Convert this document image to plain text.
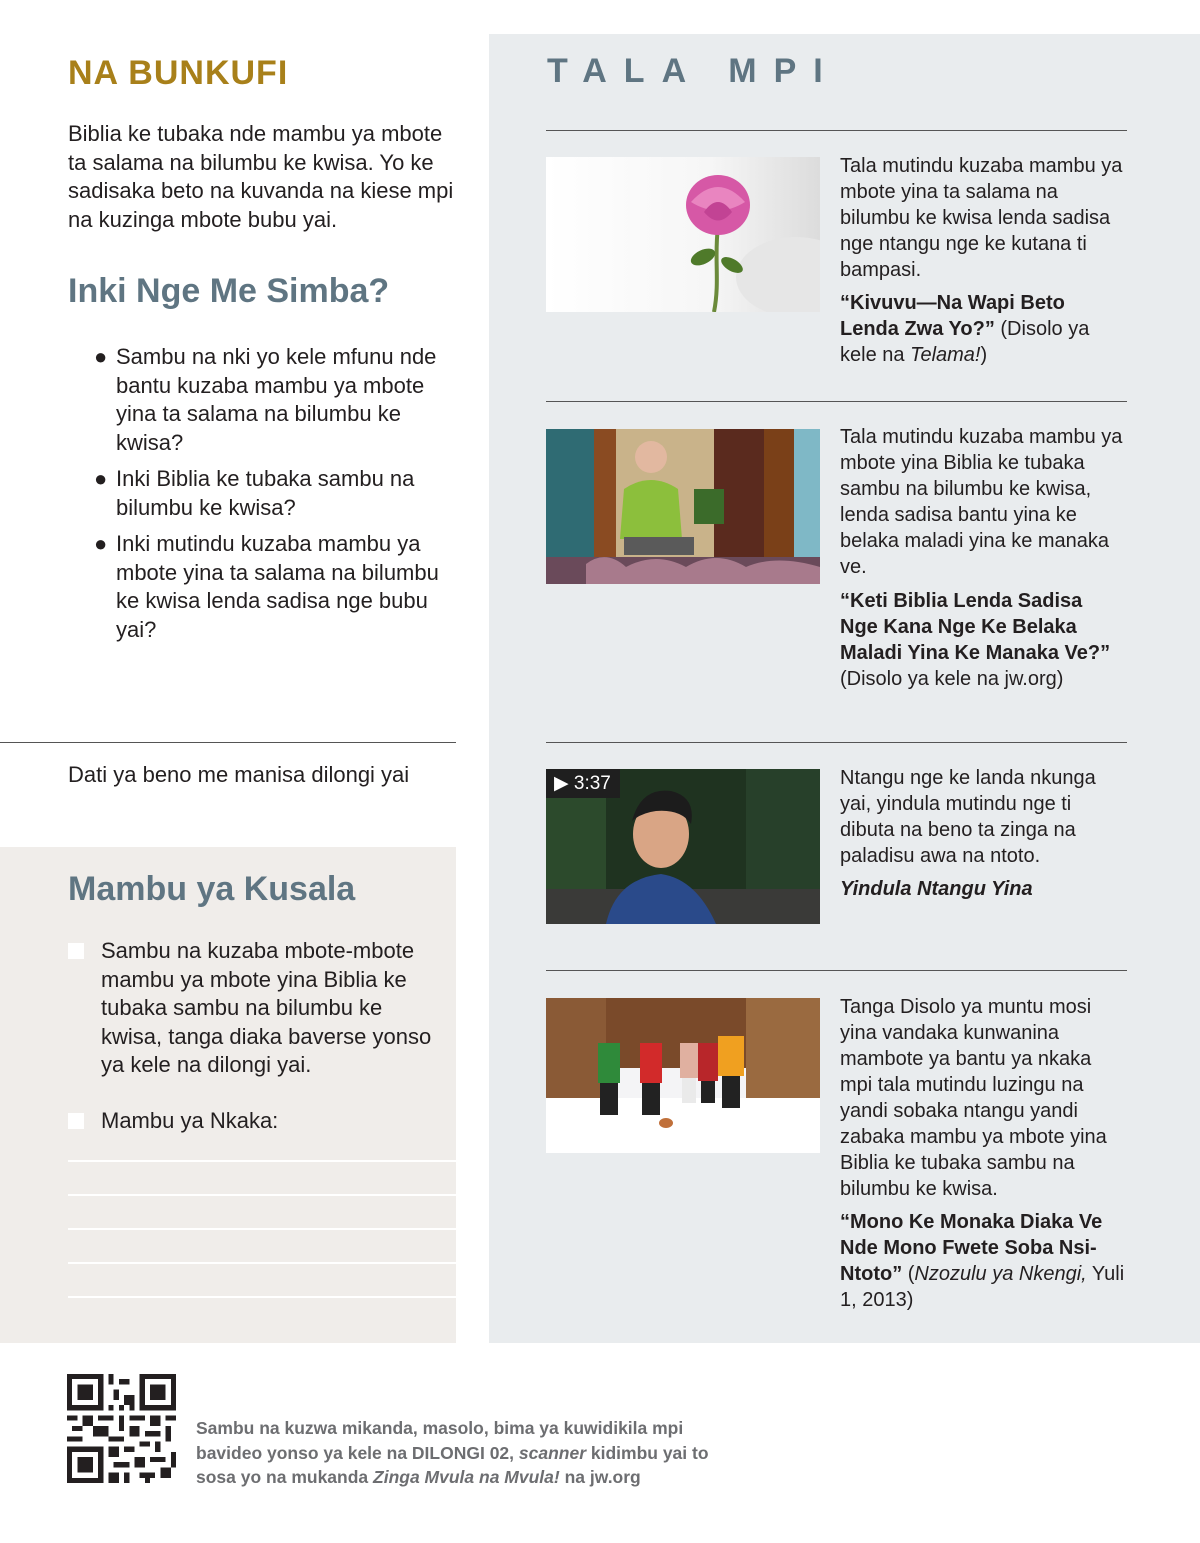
NA BUNKUFI

Biblia ke tubaka nde mambu ya mbote ta salama na bilumbu ke kwisa. Yo ke sadisaka beto na kuvanda na kiese mpi na kuzinga mbote bubu yai.

Inki Nge Me Simba?
● Sambu na nki yo kele mfunu nde bantu kuzaba mambu ya mbote yina ta salama na bilumbu ke kwisa?
● Inki Biblia ke tubaka sambu na bilumbu ke kwisa?
● Inki mutindu kuzaba mambu ya mbote yina ta salama na bilumbu ke kwisa lenda sadisa nge bubu yai?
Dati ya beno me manisa dilongi yai
Mambu ya Kusala
Sambu na kuzaba mbote-mbote mambu ya mbote yina Biblia ke tubaka sambu na bilumbu ke kwisa, tanga diaka baverse yonso ya kele na dilongi yai.
Mambu ya Nkaka:
TALA MPI
Tala mutindu kuzaba mambu ya mbote yina ta salama na bilumbu ke kwisa lenda sadisa nge ntangu nge ke kutana ti bampasi.
“Kivuvu—Na Wapi Beto Lenda Zwa Yo?” (Disolo ya kele na Telama!)
Tala mutindu kuzaba mambu ya mbote yina Biblia ke tubaka sambu na bilumbu ke kwisa, lenda sadisa bantu yina ke belaka maladi yina ke manaka ve.
“Keti Biblia Lenda Sadisa Nge Kana Nge Ke Belaka Maladi Yina Ke Manaka Ve?” (Disolo ya kele na jw.org)
▶ 3:37	Ntangu nge ke landa nkunga yai, yindula mutindu nge ti dibuta na beno ta zinga na paladisu awa na ntoto.
Yindula Ntangu Yina
Tanga Disolo ya muntu mosi yina vandaka kunwanina mambote ya bantu ya nkaka mpi tala mutindu luzingu na yandi sobaka ntangu yandi zabaka mambu ya mbote yina Biblia ke tubaka sambu na bilumbu ke kwisa.
“Mono Ke Monaka Diaka Ve Nde Mono Fwete Soba Nsi-Ntoto” (Nzozulu ya Nkengi, Yuli 1, 2013)
Sambu na kuzwa mikanda, masolo, bima ya kuwidikila mpi bavideo yonso ya kele na DILONGI 02, scanner kidimbu yai to sosa yo na mukanda Zinga Mvula na Mvula! na jw.org
